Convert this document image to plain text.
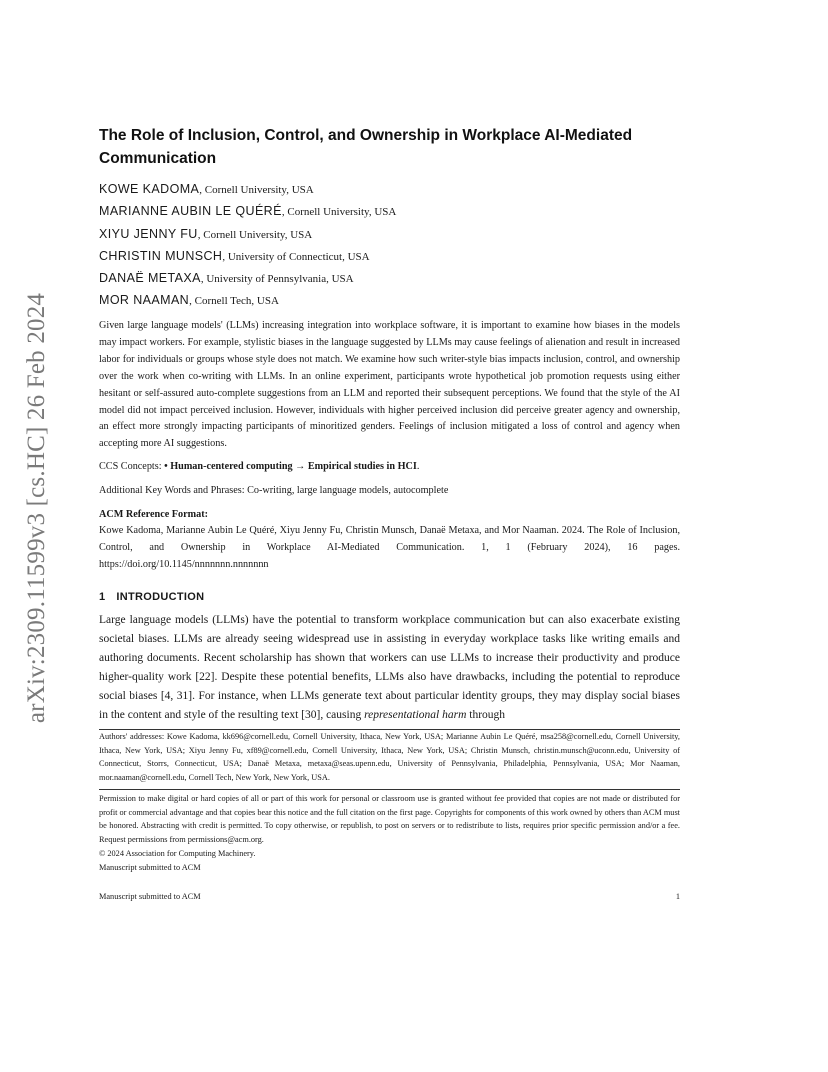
arXiv:2309.11599v3 [cs.HC] 26 Feb 2024
The Role of Inclusion, Control, and Ownership in Workplace AI-Mediated Communication
KOWE KADOMA, Cornell University, USA
MARIANNE AUBIN LE QUÉRÉ, Cornell University, USA
XIYU JENNY FU, Cornell University, USA
CHRISTIN MUNSCH, University of Connecticut, USA
DANAË METAXA, University of Pennsylvania, USA
MOR NAAMAN, Cornell Tech, USA

Given large language models' (LLMs) increasing integration into workplace software, it is important to examine how biases in the models may impact workers. For example, stylistic biases in the language suggested by LLMs may cause feelings of alienation and result in increased labor for individuals or groups whose style does not match. We examine how such writer-style bias impacts inclusion, control, and ownership over the work when co-writing with LLMs. In an online experiment, participants wrote hypothetical job promotion requests using either hesitant or self-assured auto-complete suggestions from an LLM and reported their subsequent perceptions. We found that the style of the AI model did not impact perceived inclusion. However, individuals with higher perceived inclusion did perceive greater agency and ownership, an effect more strongly impacting participants of minoritized genders. Feelings of inclusion mitigated a loss of control and agency when accepting more AI suggestions.

CCS Concepts: • Human-centered computing → Empirical studies in HCI.

Additional Key Words and Phrases: Co-writing, large language models, autocomplete

ACM Reference Format:

Kowe Kadoma, Marianne Aubin Le Quéré, Xiyu Jenny Fu, Christin Munsch, Danaë Metaxa, and Mor Naaman. 2024. The Role of Inclusion, Control, and Ownership in Workplace AI-Mediated Communication. 1, 1 (February 2024), 16 pages. https://doi.org/10.1145/nnnnnnn.nnnnnnn

1 INTRODUCTION

Large language models (LLMs) have the potential to transform workplace communication but can also exacerbate existing societal biases. LLMs are already seeing widespread use in assisting in everyday workplace tasks like writing emails and authoring documents. Recent scholarship has shown that workers can use LLMs to increase their productivity and produce higher-quality work [22]. Despite these potential benefits, LLMs also have drawbacks, including the potential to reproduce social biases [4, 31]. For instance, when LLMs generate text about particular identity groups, they may display social biases in the content and style of the resulting text [30], causing representational harm through

Authors' addresses: Kowe Kadoma, kk696@cornell.edu, Cornell University, Ithaca, New York, USA; Marianne Aubin Le Quéré, msa258@cornell.edu, Cornell University, Ithaca, New York, USA; Xiyu Jenny Fu, xf89@cornell.edu, Cornell University, Ithaca, New York, USA; Christin Munsch, christin.munsch@uconn.edu, University of Connecticut, Storrs, Connecticut, USA; Danaë Metaxa, metaxa@seas.upenn.edu, University of Pennsylvania, Philadelphia, Pennsylvania, USA; Mor Naaman, mor.naaman@cornell.edu, Cornell Tech, New York, New York, USA.

Permission to make digital or hard copies of all or part of this work for personal or classroom use is granted without fee provided that copies are not made or distributed for profit or commercial advantage and that copies bear this notice and the full citation on the first page. Copyrights for components of this work owned by others than ACM must be honored. Abstracting with credit is permitted. To copy otherwise, or republish, to post on servers or to redistribute to lists, requires prior specific permission and/or a fee. Request permissions from permissions@acm.org.

© 2024 Association for Computing Machinery.

Manuscript submitted to ACM

Manuscript submitted to ACM	1
